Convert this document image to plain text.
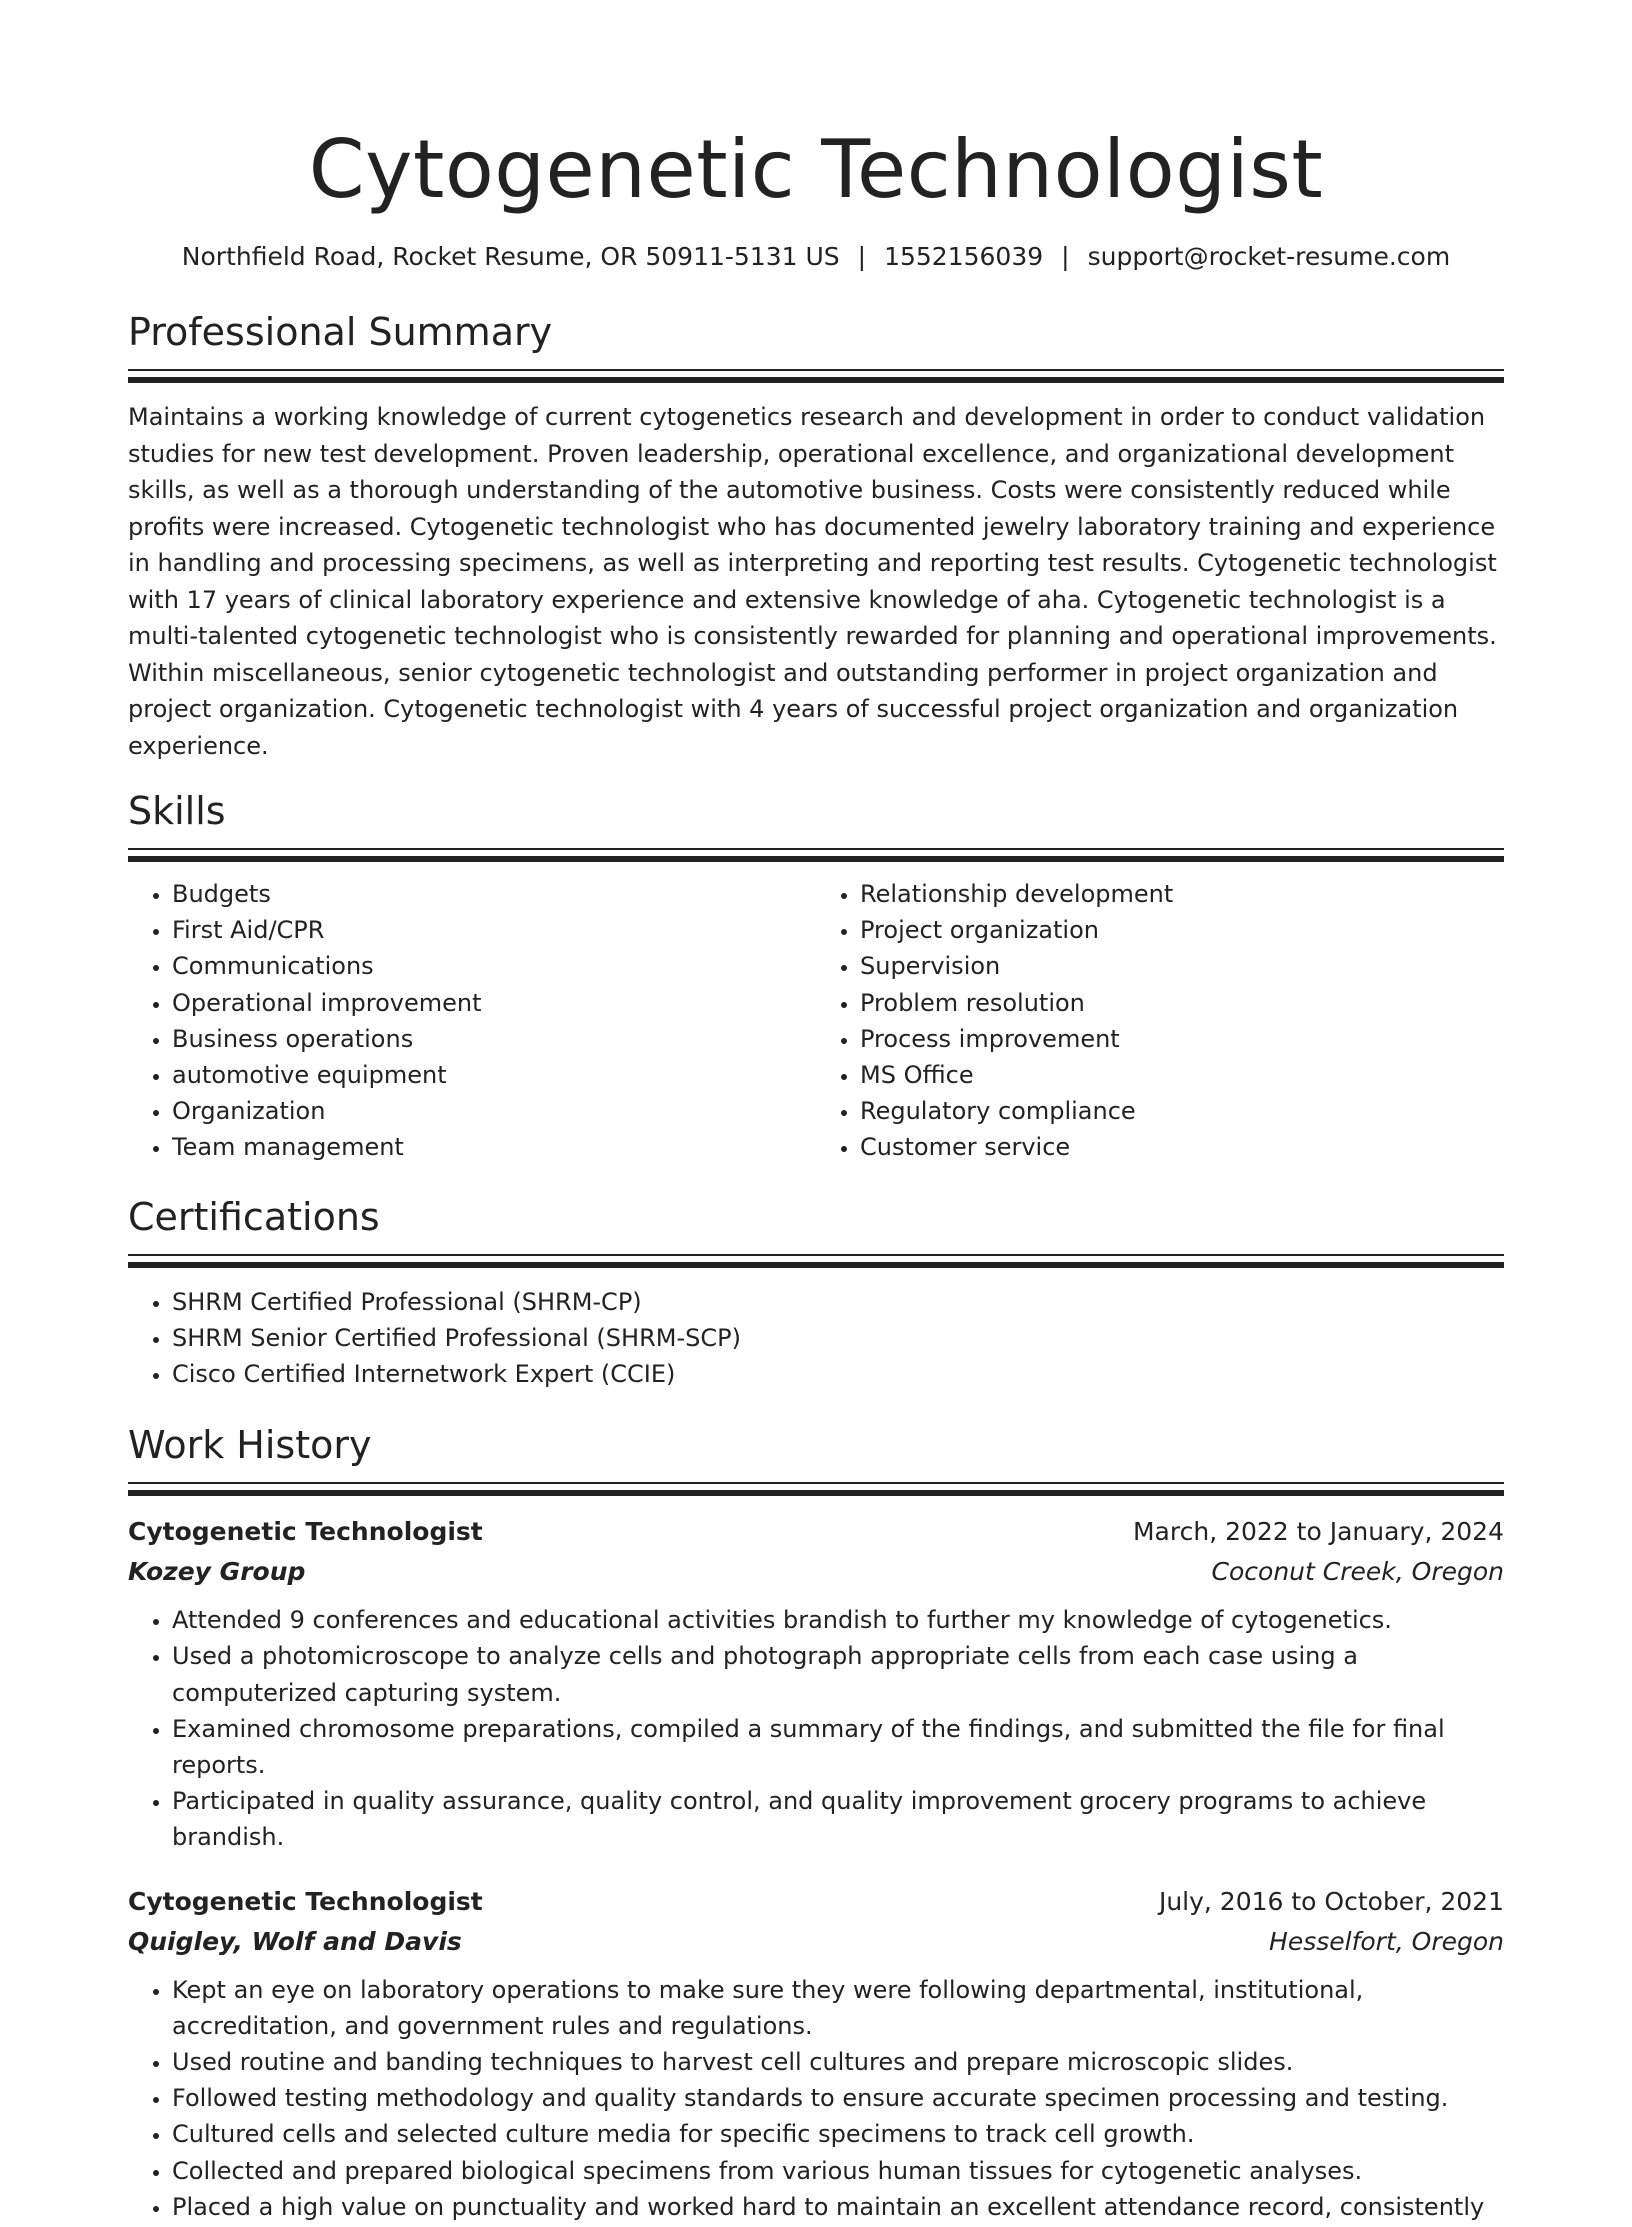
Cytogenetic Technologist
Northfield Road, Rocket Resume, OR 50911-5131 US | 1552156039 | support@rocket-resume.com
Professional Summary

Maintains a working knowledge of current cytogenetics research and development in order to conduct validation studies for new test development. Proven leadership, operational excellence, and organizational development skills, as well as a thorough understanding of the automotive business. Costs were consistently reduced while profits were increased. Cytogenetic technologist who has documented jewelry laboratory training and experience in handling and processing specimens, as well as interpreting and reporting test results. Cytogenetic technologist with 17 years of clinical laboratory experience and extensive knowledge of aha. Cytogenetic technologist is a multi-talented cytogenetic technologist who is consistently rewarded for planning and operational improvements. Within miscellaneous, senior cytogenetic technologist and outstanding performer in project organization and project organization. Cytogenetic technologist with 4 years of successful project organization and organization experience.

Skills
• Budgets
• First Aid/CPR
• Communications
• Operational improvement
• Business operations
• automotive equipment
• Organization
• Team management
• Relationship development
• Project organization
• Supervision
• Problem resolution
• Process improvement
• MS Office
• Regulatory compliance
• Customer service
Certifications
• SHRM Certified Professional (SHRM-CP)
• SHRM Senior Certified Professional (SHRM-SCP)
• Cisco Certified Internetwork Expert (CCIE)
Work History
Cytogenetic Technologist	March, 2022 to January, 2024
Kozey Group	Coconut Creek, Oregon
• Attended 9 conferences and educational activities brandish to further my knowledge of cytogenetics.
• Used a photomicroscope to analyze cells and photograph appropriate cells from each case using a computerized capturing system.
• Examined chromosome preparations, compiled a summary of the findings, and submitted the file for final reports.
• Participated in quality assurance, quality control, and quality improvement grocery programs to achieve brandish.
Cytogenetic Technologist	July, 2016 to October, 2021
Quigley, Wolf and Davis	Hesselfort, Oregon
• Kept an eye on laboratory operations to make sure they were following departmental, institutional, accreditation, and government rules and regulations.
• Used routine and banding techniques to harvest cell cultures and prepare microscopic slides.
• Followed testing methodology and quality standards to ensure accurate specimen processing and testing.
• Cultured cells and selected culture media for specific specimens to track cell growth.
• Collected and prepared biological specimens from various human tissues for cytogenetic analyses.
• Placed a high value on punctuality and worked hard to maintain an excellent attendance record, consistently
